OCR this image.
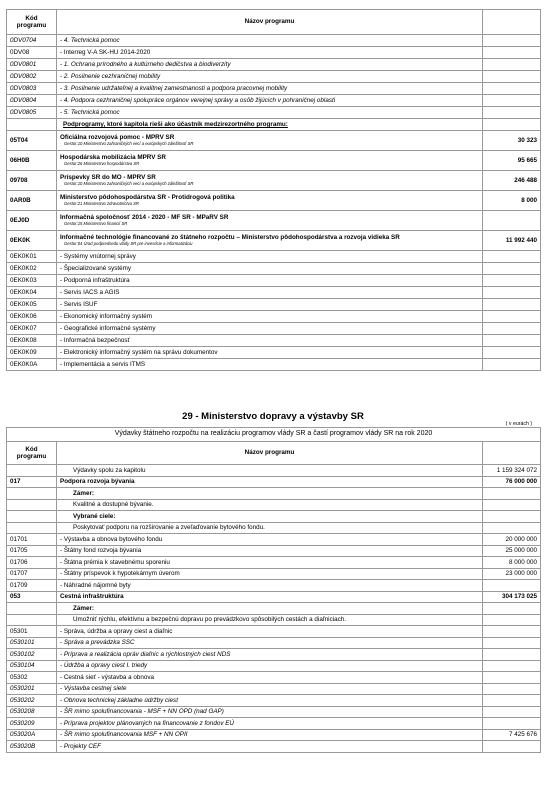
Kód
programu	Názov programu	
0DV0704	- 4. Technická pomoc	
0DV08	- Interreg V-A SK-HU 2014-2020	
0DV0801	- 1. Ochrana prírodného a kultúrneho dedičstva a biodiverzity	
0DV0802	- 2. Posilnenie cezhraničnej mobility	
0DV0803	- 3. Posilnenie udržateľnej a kvalitnej zamestnanosti a podpora pracovnej mobility	
0DV0804	- 4. Podpora cezhraničnej spolupráce orgánov verejnej správy a osôb žijúcich v pohraničnej oblasti	
0DV0805	- 5. Technická pomoc	
	Podprogramy, ktoré kapitola rieši ako účastník medzirezortného programu:	
05T04	Oficiálna rozvojová pomoc - MPRV SR
Gestor:10 Ministerstvo zahraničných vecí a európskych záležitostí SR	30 323
06H0B	Hospodárska mobilizácia MPRV SR
Gestor:26 Ministerstvo hospodárstva SR	95 665
09708	Príspevky SR do MO - MPRV SR
Gestor:10 Ministerstvo zahraničných vecí a európskych záležitostí SR	246 488
0AR0B	Ministerstvo pôdohospodárstva SR - Protidrogová politika
Gestor:21 Ministerstvo zdravotníctva SR	8 000
0EJ0D	Informačná spoločnosť 2014 - 2020 - MF SR - MPaRV SR
Gestor:15 Ministerstvo financií SR	

0EK0K	Informačné technológie financované zo štátneho rozpočtu – Ministerstvo pôdohospodárstva a rozvoja vidieka SR
Gestor:04 Úrad podpredsedu vlády SR pre investície a informatizáciu	11 992 440
0EK0K01	- Systémy vnútornej správy	
0EK0K02	- Špecializované systémy	
0EK0K03	- Podporná infraštruktúra	
0EK0K04	- Servis IACS a AGIS	
0EK0K05	- Servis ISUF	
0EK0K06	- Ekonomický informačný systém	
0EK0K07	- Geografické informačné systémy	
0EK0K08	- Informačná bezpečnosť	
0EK0K09	- Elektronický informačný systém na správu dokumentov	
0EK0K0A	- Implementácia a servis ITMS	
29 - Ministerstvo dopravy a výstavby SR
( v eurách )
Výdavky štátneho rozpočtu na realizáciu programov vlády SR a častí programov vlády SR na rok 2020		
Kód
programu	Názov programu	
	Výdavky spolu za kapitolu	1 159 324 072
017	Podpora rozvoja bývania	76 000 000
	Zámer:	
	Kvalitné a dostupné bývanie.	
	Vybrané ciele:	
	Poskytovať podporu na rozširovanie a zveľaďovanie bytového fondu.	
01701	- Výstavba a obnova bytového fondu	20 000 000
01705	- Štátny fond rozvoja bývania	25 000 000
01706	- Štátna prémia k stavebnému sporeniu	8 000 000
01707	- Štátny príspevok k hypotekárnym úverom	23 000 000
01709	- Náhradné nájomné byty	
053	Cestná infraštruktúra	304 173 025
	Zámer:	
	Umožniť rýchlu, efektívnu a bezpečnú dopravu po prevádzkovo spôsobilých cestách a diaľniciach.	
05301	- Správa, údržba a opravy ciest a diaľnic	
0530101	- Správa a prevádzka SSC	
0530102	- Príprava a realizácia opráv diaľnic a rýchlostných ciest NDS	
0530104	- Údržba a opravy ciest I. triedy	
05302	- Cestná sieť - výstavba a obnova	
0530201	- Výstavba cestnej siete	
0530202	- Obnova technickej základne údržby ciest	
0530208	- ŠR mimo spolufinancovania - MSF + NN OPD (nad GAP)	
0530209	- Príprava projektov plánovaných na financovanie z fondov EÚ	
053020A	- ŠR mimo spolufinancovania MSF + NN OPII	7 425 676
053020B	- Projekty CEF	
